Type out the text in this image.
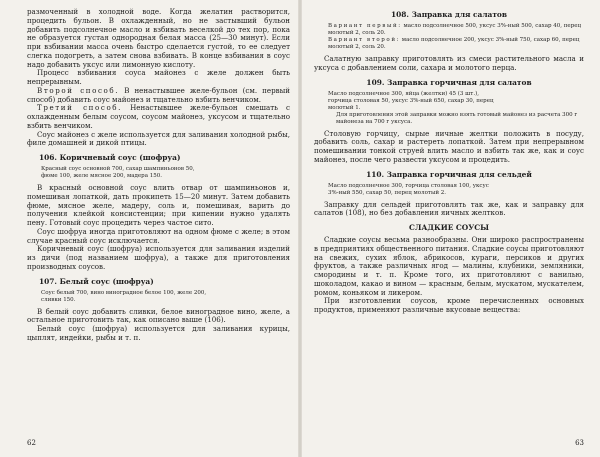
размоченный в холодной воде. Когда желатин растворится, процедить бульон. В охлажденный, но не застывший бульон добавить подсолнечное масло и взбивать веселкой до тех пор, пока не образуется густая однородная белая масса (25—30 минут). Если при взбивании масса очень быстро сделается густой, то ее следует слегка подогреть, а затем снова взбивать. В конце взбивания в соус надо добавить уксус или лимонную кислоту.

Процесс взбивания соуса майонез с желе должен быть непрерывным.

Второй способ. В ненастывшее желе-бульон (см. первый способ) добавить соус майонез и тщательно взбить венчиком.

Третий способ. Ненастывшее желе-бульон смешать с охлажденным белым соусом, соусом майонез, уксусом и тщательно взбить венчиком.

Соус майонез с желе используется для заливания холодной рыбы, филе домашней и дикой птицы.

106. Коричневый соус (шофруа)
Красный соус основной 700, сахар шампиньонов 50,
фюме 100, желе мясное 200, мадера 150.

В красный основной соус влить отвар от шампиньонов и, помешивая лопаткой, дать прокипеть 15—20 минут. Затем добавить фюме, мясное желе, мадеру, соль и, помешивая, варить до получения клейкой консистенции; при кипении нужно удалять пену. Готовый соус процедить через частое сито.

Соус шофруа иногда приготовляют на одном фюме с желе; в этом случае красный соус исключается.

Коричневый соус (шофруа) используется для заливания изделий из дичи (под названием шофруа), а также для приготовления производных соусов.

107. Белый соус (шофруа)
Соус белый 700, вино виноградное белое 100, желе 200,
сливки 150.

В белый соус добавить сливки, белое виноградное вино, желе, а остальное приготовить так, как описано выше (106).

Белый соус (шофруа) используется для заливания курицы, цыплят, индейки, рыбы и т. п.

62
108. Заправка для салатов
Вариант первый: масло подсолнечное 500, уксус 3%-ный 500, сахар 40, перец молотый 2, соль 20.
Вариант второй: масло подсолнечное 200, уксус 3%-ный 750, сахар 60, перец молотый 2, соль 20.

Салатную заправку приготовлять из смеси растительного масла и уксуса с добавлением соли, сахара и молотого перца.

109. Заправка горчичная для салатов
Масло подсолнечное 300, яйца (желтки) 45 (3 шт.),
горчица столовая 50, уксус 3%-ный 650, сахар 30, перец
молотый 1.
Для приготовления этой заправки можно взять готовый майонез из расчета 300 г майонеза на 700 г уксуса.

Столовую горчицу, сырые яичные желтки положить в посуду, добавить соль, сахар и растереть лопаткой. Затем при непрерывном помешивании тонкой струей влить масло и взбить так же, как и соус майонез, после чего развести уксусом и процедить.

110. Заправка горчичная для сельдей
Масло подсолнечное 300, горчица столовая 100, уксус
3%-ный 550, сахар 50, перец молотый 2.

Заправку для сельдей приготовлять так же, как и заправку для салатов (108), но без добавления яичных желтков.

СЛАДКИЕ СОУСЫ

Сладкие соусы весьма разнообразны. Они широко распространены в предприятиях общественного питания. Сладкие соусы приготовляют на свежих, сухих яблок, абрикосов, кураги, персиков и других фруктов, а также различных ягод — малины, клубники, земляники, смородины и т. п. Кроме того, их приготовляют с ванилью, шоколадом, какао и вином — красным, белым, мускатом, мускателем, ромом, коньяком и ликером.

При изготовлении соусов, кроме перечисленных основных продуктов, применяют различные вкусовые вещества:

63
